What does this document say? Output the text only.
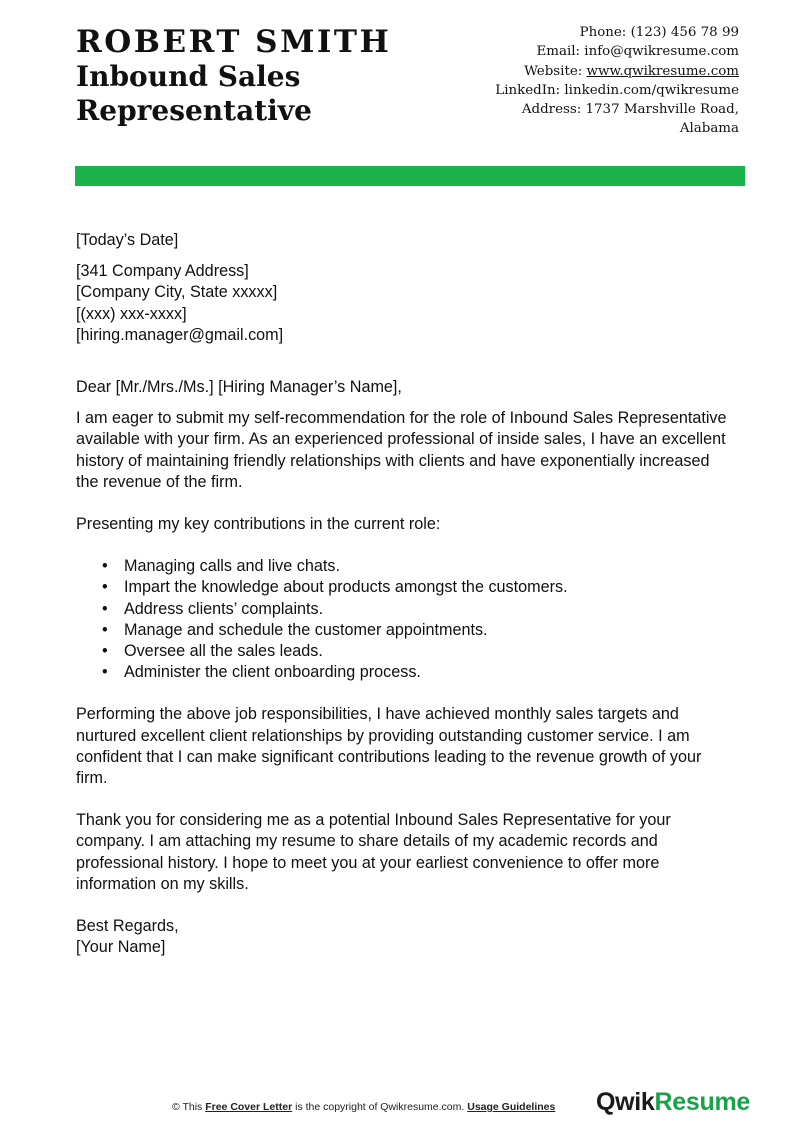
ROBERT SMITH
Inbound Sales Representative
Phone: (123) 456 78 99
Email: info@qwikresume.com
Website: www.qwikresume.com
LinkedIn: linkedin.com/qwikresume
Address: 1737 Marshville Road,
Alabama

[Today’s Date]

[341 Company Address]

[Company City, State xxxxx]

[(xxx) xxx-xxxx]

[hiring.manager@gmail.com]

Dear [Mr./Mrs./Ms.] [Hiring Manager’s Name],

I am eager to submit my self-recommendation for the role of Inbound Sales Representative available with your firm. As an experienced professional of inside sales, I have an excellent history of maintaining friendly relationships with clients and have exponentially increased the revenue of the firm.

Presenting my key contributions in the current role:

• Managing calls and live chats.
• Impart the knowledge about products amongst the customers.
• Address clients’ complaints.
• Manage and schedule the customer appointments.
• Oversee all the sales leads.
• Administer the client onboarding process.

Performing the above job responsibilities, I have achieved monthly sales targets and nurtured excellent client relationships by providing outstanding customer service. I am confident that I can make significant contributions leading to the revenue growth of your firm.

Thank you for considering me as a potential Inbound Sales Representative for your company. I am attaching my resume to share details of my academic records and professional history. I hope to meet you at your earliest convenience to offer more information on my skills.

Best Regards,

[Your Name]

© This Free Cover Letter is the copyright of Qwikresume.com. Usage Guidelines QwikResume
